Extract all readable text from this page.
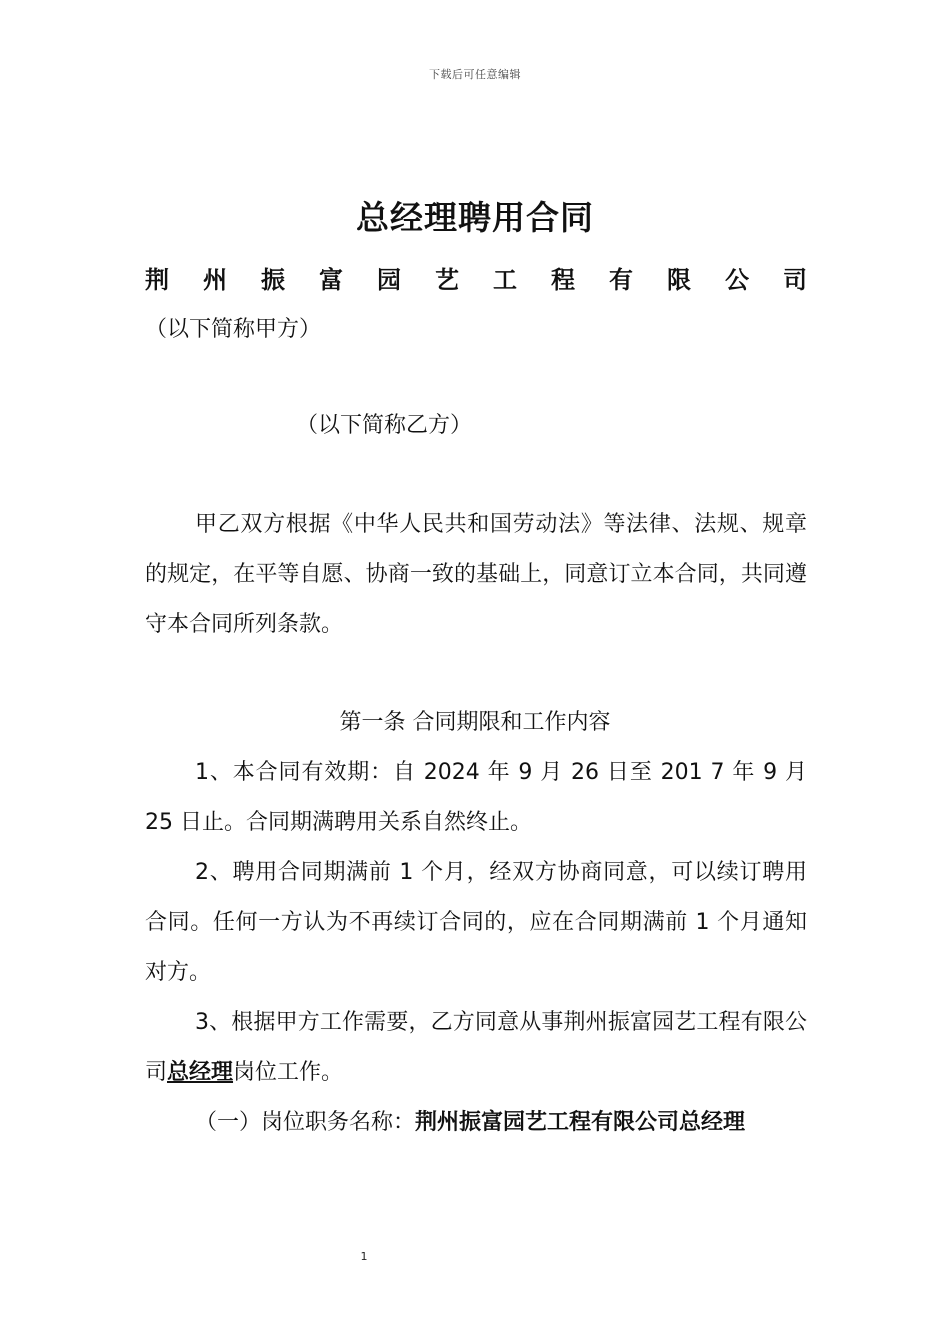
下载后可任意编辑
总经理聘用合同
荆 州 振 富 园 艺 工 程 有 限 公 司
（以下简称甲方）
（以下简称乙方）
甲乙双方根据《中华人民共和国劳动法》等法律、法规、规章的规定，在平等自愿、协商一致的基础上，同意订立本合同，共同遵守本合同所列条款。
第一条 合同期限和工作内容
1、本合同有效期：自 2024 年 9 月 26 日至 201 7 年 9 月 25 日止。合同期满聘用关系自然终止。
2、聘用合同期满前 1 个月，经双方协商同意，可以续订聘用合同。任何一方认为不再续订合同的，应在合同期满前 1 个月通知对方。
3、根据甲方工作需要，乙方同意从事荆州振富园艺工程有限公司总经理岗位工作。
（一）岗位职务名称：荆州振富园艺工程有限公司总经理
1
